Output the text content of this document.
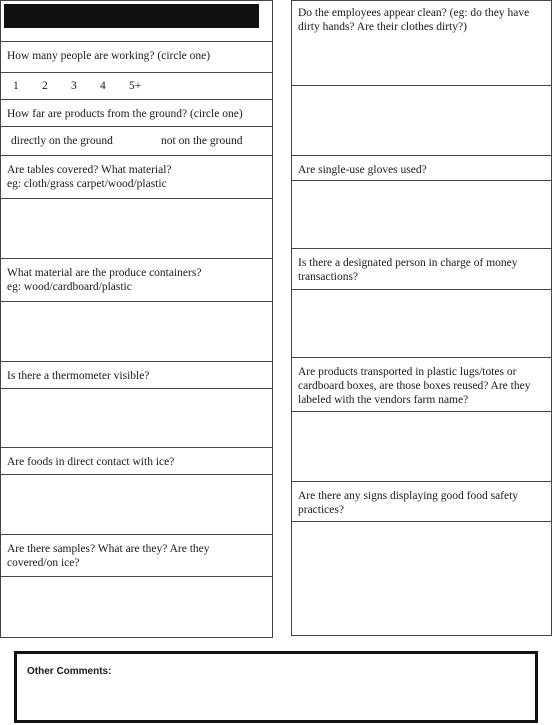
How many people are working? (circle one)
1	2	3	4	5+
How far are products from the ground? (circle one)
directly on the ground	not on the ground
Are tables covered? What material?
eg: cloth/grass carpet/wood/plastic
What material are the produce containers?
eg: wood/cardboard/plastic
Is there a thermometer visible?
Are foods in direct contact with ice?
Are there samples? What are they? Are they covered/on ice?
Do the employees appear clean? (eg: do they have dirty hands? Are their clothes dirty?)
Are single-use gloves used?
Is there a designated person in charge of money transactions?
Are products transported in plastic lugs/totes or cardboard boxes, are those boxes reused? Are they labeled with the vendors farm name?
Are there any signs displaying good food safety practices?
Other Comments:
